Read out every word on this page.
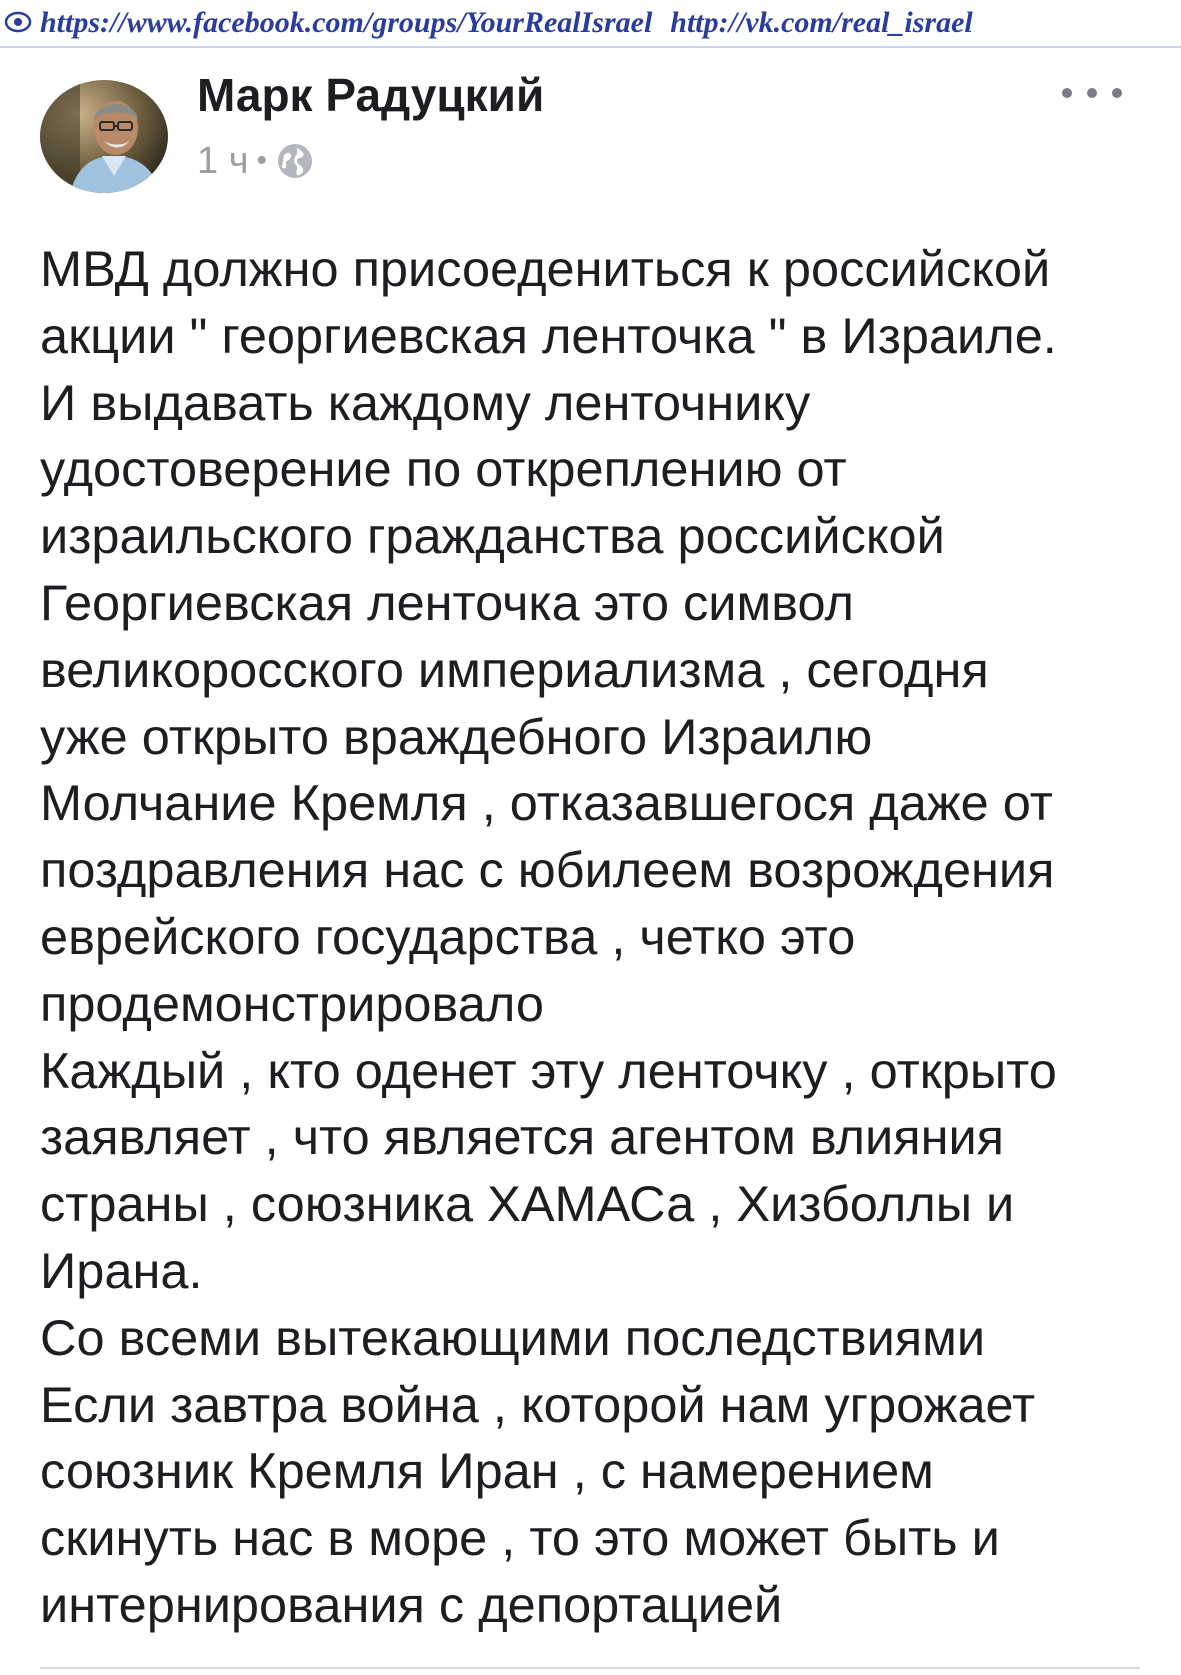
https://www.facebook.com/groups/YourRealIsrael http://vk.com/real_israel
Марк Радуцкий
1 ч •
МВД должно присоедениться к российской
акции " георгиевская ленточка " в Израиле.
И выдавать каждому ленточнику
удостоверение по откреплению от
израильского гражданства российской
Георгиевская ленточка это символ
великоросского империализма , сегодня
уже открыто враждебного Израилю
Молчание Кремля , отказавшегося даже от
поздравления нас с юбилеем возрождения
еврейского государства , четко это
продемонстрировало
Каждый , кто оденет эту ленточку , открыто
заявляет , что является агентом влияния
страны , союзника ХАМАСа , Хизболлы и
Ирана.
Со всеми вытекающими последствиями
Если завтра война , которой нам угрожает
союзник Кремля Иран , с намерением
скинуть нас в море , то это может быть и
интернирования с депортацией
